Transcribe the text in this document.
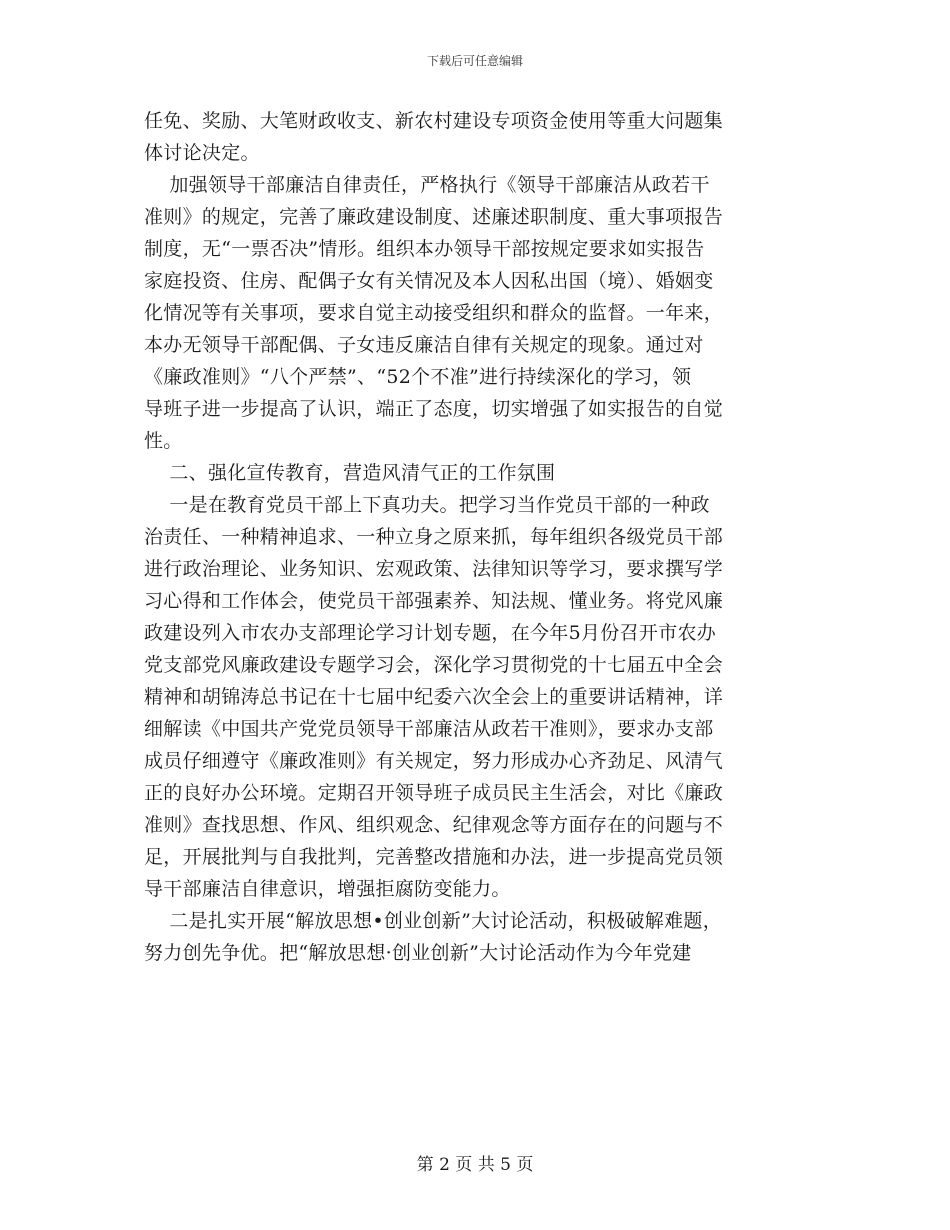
下载后可任意编辑
任免、奖励、大笔财政收支、新农村建设专项资金使用等重大问题集
体讨论决定。
加强领导干部廉洁自律责任，严格执行《领导干部廉洁从政若干
准则》的规定，完善了廉政建设制度、述廉述职制度、重大事项报告
制度，无“一票否决”情形。组织本办领导干部按规定要求如实报告
家庭投资、住房、配偶子女有关情况及本人因私出国（境）、婚姻变
化情况等有关事项，要求自觉主动接受组织和群众的监督。一年来，
本办无领导干部配偶、子女违反廉洁自律有关规定的现象。通过对
《廉政准则》“八个严禁”、“52个不准”进行持续深化的学习，领
导班子进一步提高了认识，端正了态度，切实增强了如实报告的自觉
性。
二、强化宣传教育，营造风清气正的工作氛围
一是在教育党员干部上下真功夫。把学习当作党员干部的一种政
治责任、一种精神追求、一种立身之原来抓，每年组织各级党员干部
进行政治理论、业务知识、宏观政策、法律知识等学习，要求撰写学
习心得和工作体会，使党员干部强素养、知法规、懂业务。将党风廉
政建设列入市农办支部理论学习计划专题，在今年5月份召开市农办
党支部党风廉政建设专题学习会，深化学习贯彻党的十七届五中全会
精神和胡锦涛总书记在十七届中纪委六次全会上的重要讲话精神，详
细解读《中国共产党党员领导干部廉洁从政若干准则》，要求办支部
成员仔细遵守《廉政准则》有关规定，努力形成办心齐劲足、风清气
正的良好办公环境。定期召开领导班子成员民主生活会，对比《廉政
准则》查找思想、作风、组织观念、纪律观念等方面存在的问题与不
足，开展批判与自我批判，完善整改措施和办法，进一步提高党员领
导干部廉洁自律意识，增强拒腐防变能力。
二是扎实开展“解放思想•创业创新”大讨论活动，积极破解难题，
努力创先争优。把“解放思想·创业创新”大讨论活动作为今年党建
第 2 页 共 5 页
